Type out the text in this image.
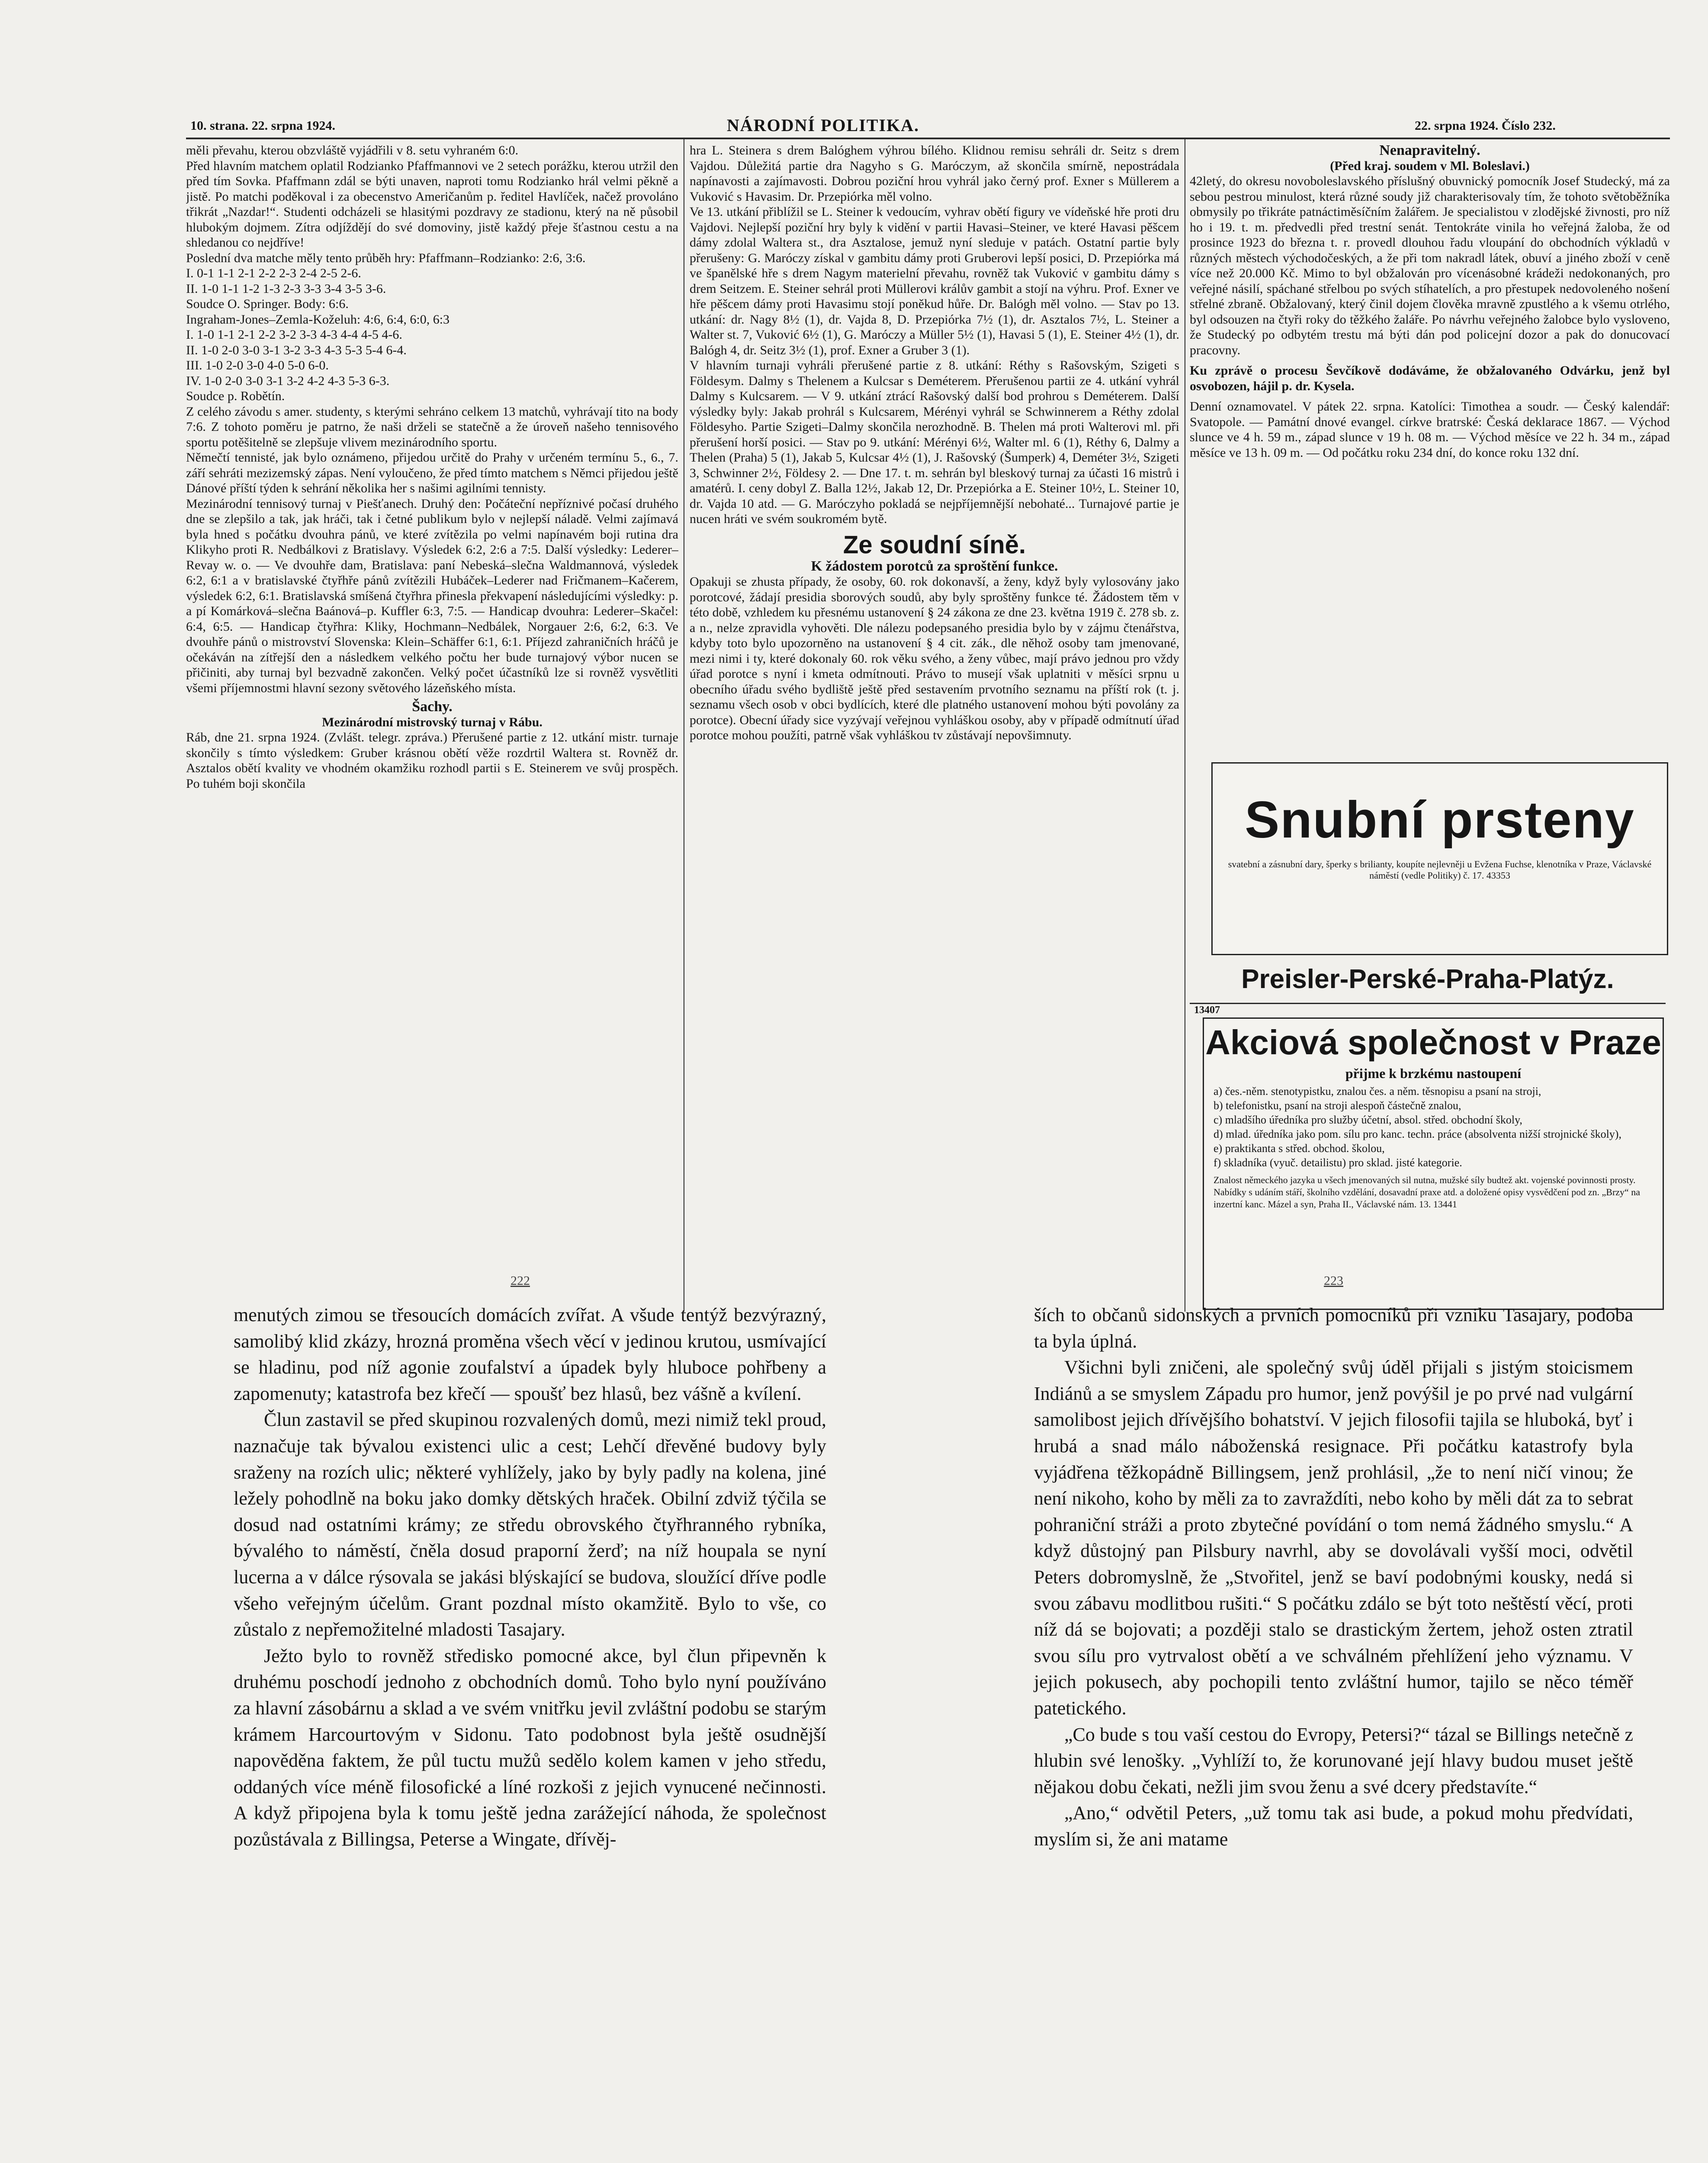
10. strana. 22. srpna 1924.	NÁRODNÍ POLITIKA.	22. srpna 1924. Číslo 232.

měli převahu, kterou obzvláště vyjádřili v 8. setu vyhraném 6:0.

Před hlavním matchem oplatil Rodzianko Pfaffmannovi ve 2 setech porážku, kterou utržil den před tím Sovka. Pfaffmann zdál se býti unaven, naproti tomu Rodzianko hrál velmi pěkně a jistě. Po matchi poděkoval i za obecenstvo Američanům p. ředitel Havlíček, načež provoláno třikrát „Nazdar!“. Studenti odcházeli se hlasitými pozdravy ze stadionu, který na ně působil hlubokým dojmem. Zítra odjíždějí do své domoviny, jistě každý přeje šťastnou cestu a na shledanou co nejdříve!

Poslední dva matche měly tento průběh hry: Pfaffmann–Rodzianko: 2:6, 3:6.

I. 0-1 1-1 2-1 2-2 2-3 2-4 2-5 2-6.

II. 1-0 1-1 1-2 1-3 2-3 3-3 3-4 3-5 3-6.

Soudce O. Springer. Body: 6:6.

Ingraham-Jones–Zemla-Koželuh: 4:6, 6:4, 6:0, 6:3

I. 1-0 1-1 2-1 2-2 3-2 3-3 4-3 4-4 4-5 4-6.

II. 1-0 2-0 3-0 3-1 3-2 3-3 4-3 5-3 5-4 6-4.

III. 1-0 2-0 3-0 4-0 5-0 6-0.

IV. 1-0 2-0 3-0 3-1 3-2 4-2 4-3 5-3 6-3.

Soudce p. Robětín.

Z celého závodu s amer. studenty, s kterými sehráno celkem 13 matchů, vyhrávají tito na body 7:6. Z tohoto poměru je patrno, že naši drželi se statečně a že úroveň našeho tennisového sportu potěšitelně se zlepšuje vlivem mezinárodního sportu.

Němečtí tennisté, jak bylo oznámeno, přijedou určitě do Prahy v určeném termínu 5., 6., 7. září sehráti mezizemský zápas. Není vyloučeno, že před tímto matchem s Němci přijedou ještě Dánové příští týden k sehrání několika her s našimi agilními tennisty.

Mezinárodní tennisový turnaj v Piešťanech. Druhý den: Počáteční nepříznivé počasí druhého dne se zlepšilo a tak, jak hráči, tak i četné publikum bylo v nejlepší náladě. Velmi zajímavá byla hned s počátku dvouhra pánů, ve které zvítězila po velmi napínavém boji rutina dra Klikyho proti R. Nedbálkovi z Bratislavy. Výsledek 6:2, 2:6 a 7:5. Další výsledky: Lederer–Revay w. o. — Ve dvouhře dam, Bratislava: paní Nebeská–slečna Waldmannová, výsledek 6:2, 6:1 a v bratislavské čtyřhře pánů zvítězili Hubáček–Lederer nad Fričmanem–Kačerem, výsledek 6:2, 6:1. Bratislavská smíšená čtyřhra přinesla překvapení následujícími výsledky: p. a pí Komárková–slečna Baánová–p. Kuffler 6:3, 7:5. — Handicap dvouhra: Lederer–Skačel: 6:4, 6:5. — Handicap čtyřhra: Kliky, Hochmann–Nedbálek, Norgauer 2:6, 6:2, 6:3. Ve dvouhře pánů o mistrovství Slovenska: Klein–Schäffer 6:1, 6:1. Příjezd zahraničních hráčů je očekáván na zítřejší den a následkem velkého počtu her bude turnajový výbor nucen se přičiniti, aby turnaj byl bezvadně zakončen. Velký počet účastníků lze si rovněž vysvětliti všemi příjemnostmi hlavní sezony světového lázeňského místa.

Šachy.

Mezinárodní mistrovský turnaj v Rábu.

Ráb, dne 21. srpna 1924. (Zvlášt. telegr. zpráva.) Přerušené partie z 12. utkání mistr. turnaje skončily s tímto výsledkem: Gruber krásnou obětí věže rozdrtil Waltera st. Rovněž dr. Asztalos obětí kvality ve vhodném okamžiku rozhodl partii s E. Steinerem ve svůj prospěch. Po tuhém boji skončila

hra L. Steinera s drem Balóghem výhrou bílého. Klidnou remisu sehráli dr. Seitz s drem Vajdou. Důležitá partie dra Nagyho s G. Maróczym, až skončila smírně, nepostrádala napínavosti a zajímavosti. Dobrou poziční hrou vyhrál jako černý prof. Exner s Müllerem a Vuković s Havasim. Dr. Przepiórka měl volno.

Ve 13. utkání přiblížil se L. Steiner k vedoucím, vyhrav obětí figury ve vídeňské hře proti dru Vajdovi. Nejlepší poziční hry byly k vidění v partii Havasi–Steiner, ve které Havasi pěšcem dámy zdolal Waltera st., dra Asztalose, jemuž nyní sleduje v patách. Ostatní partie byly přerušeny: G. Maróczy získal v gambitu dámy proti Gruberovi lepší posici, D. Przepiórka má ve španělské hře s drem Nagym materielní převahu, rovněž tak Vuković v gambitu dámy s drem Seitzem. E. Steiner sehrál proti Müllerovi králův gambit a stojí na výhru. Prof. Exner ve hře pěšcem dámy proti Havasimu stojí poněkud hůře. Dr. Balógh měl volno. — Stav po 13. utkání: dr. Nagy 8½ (1), dr. Vajda 8, D. Przepiórka 7½ (1), dr. Asztalos 7½, L. Steiner a Walter st. 7, Vuković 6½ (1), G. Maróczy a Müller 5½ (1), Havasi 5 (1), E. Steiner 4½ (1), dr. Balógh 4, dr. Seitz 3½ (1), prof. Exner a Gruber 3 (1).

V hlavním turnaji vyhráli přerušené partie z 8. utkání: Réthy s Rašovským, Szigeti s Földesym. Dalmy s Thelenem a Kulcsar s Deméterem. Přerušenou partii ze 4. utkání vyhrál Dalmy s Kulcsarem. — V 9. utkání ztrácí Rašovský další bod prohrou s Deméterem. Další výsledky byly: Jakab prohrál s Kulcsarem, Mérényi vyhrál se Schwinnerem a Réthy zdolal Földesyho. Partie Szigeti–Dalmy skončila nerozhodně. B. Thelen má proti Walterovi ml. při přerušení horší posici. — Stav po 9. utkání: Mérényi 6½, Walter ml. 6 (1), Réthy 6, Dalmy a Thelen (Praha) 5 (1), Jakab 5, Kulcsar 4½ (1), J. Rašovský (Šumperk) 4, Deméter 3½, Szigeti 3, Schwinner 2½, Földesy 2. — Dne 17. t. m. sehrán byl bleskový turnaj za účasti 16 mistrů i amatérů. I. ceny dobyl Z. Balla 12½, Jakab 12, Dr. Przepiórka a E. Steiner 10½, L. Steiner 10, dr. Vajda 10 atd. — G. Maróczyho pokladá se nejpříjemnější nebohaté... Turnajové partie je nucen hráti ve svém soukromém bytě.

Ze soudní síně.

K žádostem porotců za sproštění funkce.

Opakuji se zhusta případy, že osoby, 60. rok dokonavší, a ženy, když byly vylosovány jako porotcové, žádají presidia sborových soudů, aby byly sproštěny funkce té. Žádostem těm v této době, vzhledem ku přesnému ustanovení § 24 zákona ze dne 23. května 1919 č. 278 sb. z. a n., nelze zpravidla vyhověti. Dle nálezu podepsaného presidia bylo by v zájmu čtenářstva, kdyby toto bylo upozorněno na ustanovení § 4 cit. zák., dle něhož osoby tam jmenované, mezi nimi i ty, které dokonaly 60. rok věku svého, a ženy vůbec, mají právo jednou pro vždy úřad porotce s nyní i kmeta odmítnouti. Právo to musejí však uplatniti v měsíci srpnu u obecního úřadu svého bydliště ještě před sestavením prvotního seznamu na příští rok (t. j. seznamu všech osob v obci bydlících, které dle platného ustanovení mohou býti povolány za porotce). Obecní úřady sice vyzývají veřejnou vyhláškou osoby, aby v případě odmítnutí úřad porotce mohou použíti, patrně však vyhláškou tv zůstávají nepovšimnuty.

Nenapravitelný.

(Před kraj. soudem v Ml. Boleslavi.)

42letý, do okresu novoboleslavského příslušný obuvnický pomocník Josef Studecký, má za sebou pestrou minulost, která různé soudy již charakterisovaly tím, že tohoto světoběžníka obmysily po třikráte patnáctiměsíčním žalářem. Je specialistou v zlodějské živnosti, pro níž ho i 19. t. m. předvedli před trestní senát. Tentokráte vinila ho veřejná žaloba, že od prosince 1923 do března t. r. provedl dlouhou řadu vloupání do obchodních výkladů v různých městech východočeských, a že při tom nakradl látek, obuví a jiného zboží v ceně více než 20.000 Kč. Mimo to byl obžalován pro vícenásobné krádeži nedokonaných, pro veřejné násilí, spáchané střelbou po svých stíhatelích, a pro přestupek nedovoleného nošení střelné zbraně. Obžalovaný, který činil dojem člověka mravně zpustlého a k všemu otrlého, byl odsouzen na čtyři roky do těžkého žaláře. Po návrhu veřejného žalobce bylo vysloveno, že Studecký po odbytém trestu má býti dán pod policejní dozor a pak do donucovací pracovny.

Ku zprávě o procesu Ševčíkově dodáváme, že obžalovaného Odvárku, jenž byl osvobozen, hájil p. dr. Kysela.

Denní oznamovatel. V pátek 22. srpna. Katolíci: Timothea a soudr. — Český kalendář: Svatopole. — Památní dnové evangel. církve bratrské: Česká deklarace 1867. — Východ slunce ve 4 h. 59 m., západ slunce v 19 h. 08 m. — Východ měsíce ve 22 h. 34 m., západ měsíce ve 13 h. 09 m. — Od počátku roku 234 dní, do konce roku 132 dní.

Snubní prsteny
svatební a zásnubní dary, šperky s brilianty, koupíte nejlevněji u Evžena Fuchse, klenotníka v Praze, Václavské náměstí (vedle Politiky) č. 17. 43353
Preisler-Perské-Praha-Platýz.
13407
Akciová společnost v Praze
přijme k brzkému nastoupení
a) čes.-něm. stenotypistku, znalou čes. a něm. těsnopisu a psaní na stroji,
b) telefonistku, psaní na stroji alespoň částečně znalou,
c) mladšího úředníka pro služby účetní, absol. střed. obchodní školy,
d) mlad. úředníka jako pom. sílu pro kanc. techn. práce (absolventa nižší strojnické školy),
e) praktikanta s střed. obchod. školou,
f) skladníka (vyuč. detailistu) pro sklad. jisté kategorie.
Znalost německého jazyka u všech jmenovaných sil nutna, mužské síly budtež akt. vojenské povinnosti prosty. Nabídky s udáním stáří, školního vzdělání, dosavadní praxe atd. a doložené opisy vysvědčení pod zn. „Brzy“ na inzertní kanc. Mázel a syn, Praha II., Václavské nám. 13. 13441
222	223

menutých zimou se třesoucích domácích zvířat. A všude tentýž bezvýrazný, samolibý klid zkázy, hrozná proměna všech věcí v jedinou krutou, usmívající se hladinu, pod níž agonie zoufalství a úpadek byly hluboce pohřbeny a zapomenuty; katastrofa bez křečí — spoušť bez hlasů, bez vášně a kvílení.

Člun zastavil se před skupinou rozvalených domů, mezi nimiž tekl proud, naznačuje tak bývalou existenci ulic a cest; Lehčí dřevěné budovy byly sraženy na rozích ulic; některé vyhlížely, jako by byly padly na kolena, jiné ležely pohodlně na boku jako domky dětských hraček. Obilní zdviž týčila se dosud nad ostatními krámy; ze středu obrovského čtyřhranného rybníka, bývalého to náměstí, čněla dosud praporní žerď; na níž houpala se nyní lucerna a v dálce rýsovala se jakási blýskající se budova, sloužící dříve podle všeho veřejným účelům. Grant pozdnal místo okamžitě. Bylo to vše, co zůstalo z nepřemožitelné mladosti Tasajary.

Ježto bylo to rovněž středisko pomocné akce, byl člun připevněn k druhému poschodí jednoho z obchodních domů. Toho bylo nyní používáno za hlavní zásobárnu a sklad a ve svém vnitřku jevil zvláštní podobu se starým krámem Harcourtovým v Sidonu. Tato podobnost byla ještě osudnější napověděna faktem, že půl tuctu mužů sedělo kolem kamen v jeho středu, oddaných více méně filosofické a líné rozkoši z jejich vynucené nečinnosti. A když připojena byla k tomu ještě jedna zarážející náhoda, že společnost pozůstávala z Billingsa, Peterse a Wingate, dřívěj-

ších to občanů sidonských a prvních pomocníků při vzniku Tasajary, podoba ta byla úplná.

Všichni byli zničeni, ale společný svůj úděl přijali s jistým stoicismem Indiánů a se smyslem Západu pro humor, jenž povýšil je po prvé nad vulgární samolibost jejich dřívějšího bohatství. V jejich filosofii tajila se hluboká, byť i hrubá a snad málo náboženská resignace. Při počátku katastrofy byla vyjádřena těžkopádně Billingsem, jenž prohlásil, „že to není ničí vinou; že není nikoho, koho by měli za to zavraždíti, nebo koho by měli dát za to sebrat pohraniční stráži a proto zbytečné povídání o tom nemá žádného smyslu.“ A když důstojný pan Pilsbury navrhl, aby se dovolávali vyšší moci, odvětil Peters dobromyslně, že „Stvořitel, jenž se baví podobnými kousky, nedá si svou zábavu modlitbou rušiti.“ S počátku zdálo se být toto neštěstí věcí, proti níž dá se bojovati; a později stalo se drastickým žertem, jehož osten ztratil svou sílu pro vytrvalost obětí a ve schválném přehlížení jeho významu. V jejich pokusech, aby pochopili tento zvláštní humor, tajilo se něco téměř patetického.

„Co bude s tou vaší cestou do Evropy, Petersi?“ tázal se Billings netečně z hlubin své lenošky. „Vyhlíží to, že korunované její hlavy budou muset ještě nějakou dobu čekati, nežli jim svou ženu a své dcery představíte.“

„Ano,“ odvětil Peters, „už tomu tak asi bude, a pokud mohu předvídati, myslím si, že ani matame
